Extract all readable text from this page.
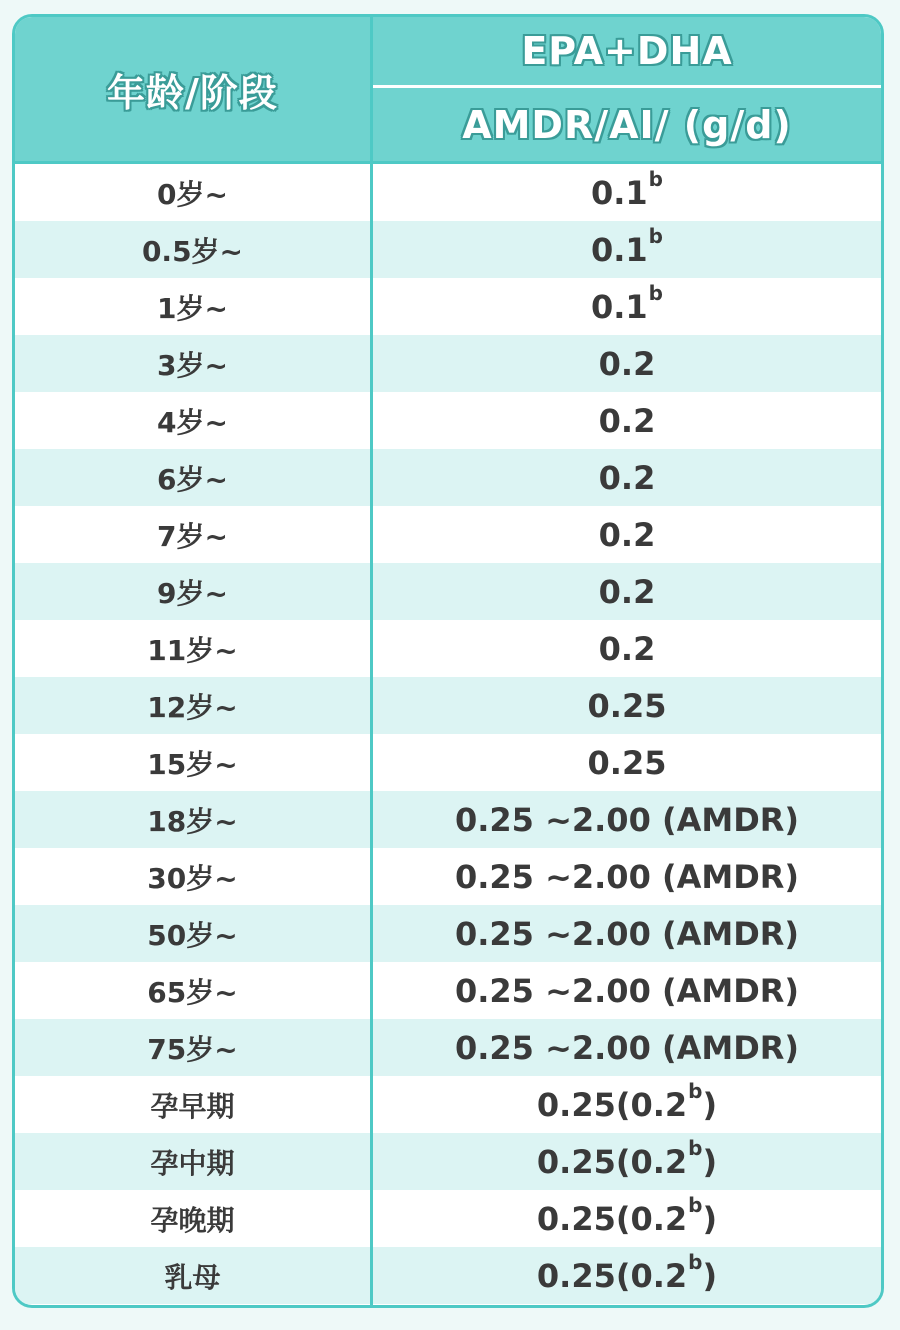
年龄/阶段
EPA+DHA
AMDR/AI/ (g/d)
0岁~	0.1 b
0.5岁~	0.1 b
1岁~	0.1 b
3岁~	0.2
4岁~	0.2
6岁~	0.2
7岁~	0.2
9岁~	0.2
11岁~	0.2
12岁~	0.25
15岁~	0.25
18岁~	0.25 ~2.00 (AMDR)
30岁~	0.25 ~2.00 (AMDR)
50岁~	0.25 ~2.00 (AMDR)
65岁~	0.25 ~2.00 (AMDR)
75岁~	0.25 ~2.00 (AMDR)
孕早期	0.25(0.2 b )
孕中期	0.25(0.2 b )
孕晚期	0.25(0.2 b )
乳母	0.25(0.2 b )
